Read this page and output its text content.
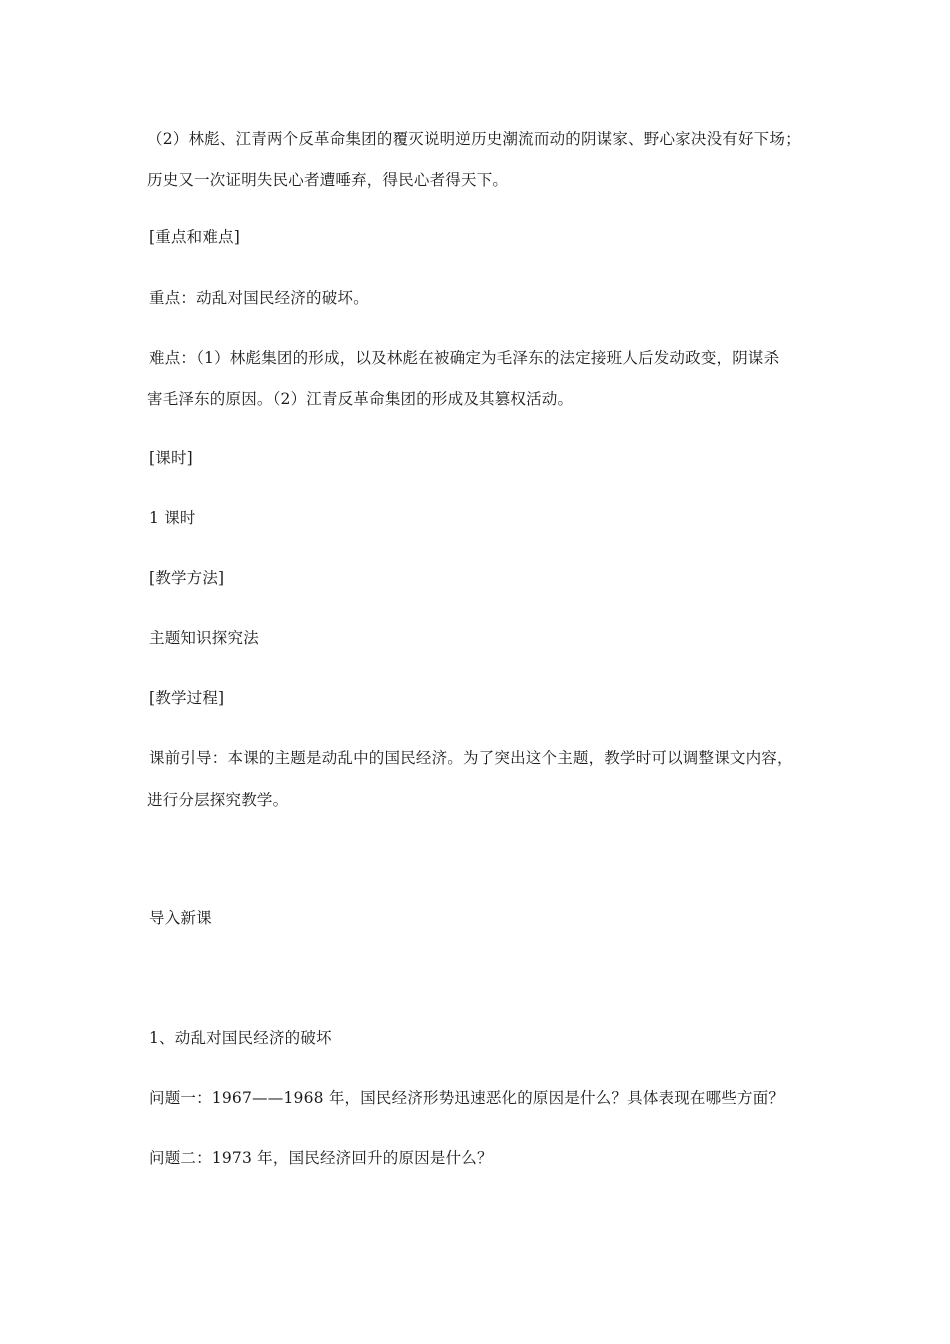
（2）林彪、江青两个反革命集团的覆灭说明逆历史潮流而动的阴谋家、野心家决没有好下场；
历史又一次证明失民心者遭唾弃，得民心者得天下。
[重点和难点]
重点：动乱对国民经济的破坏。
难点：（1）林彪集团的形成，以及林彪在被确定为毛泽东的法定接班人后发动政变，阴谋杀
害毛泽东的原因。（2）江青反革命集团的形成及其篡权活动。
[课时]
1 课时
[教学方法]
主题知识探究法
[教学过程]
课前引导：本课的主题是动乱中的国民经济。为了突出这个主题，教学时可以调整课文内容，
进行分层探究教学。
导入新课
1、动乱对国民经济的破坏
问题一：1967——1968 年，国民经济形势迅速恶化的原因是什么？具体表现在哪些方面？
问题二：1973 年，国民经济回升的原因是什么？
